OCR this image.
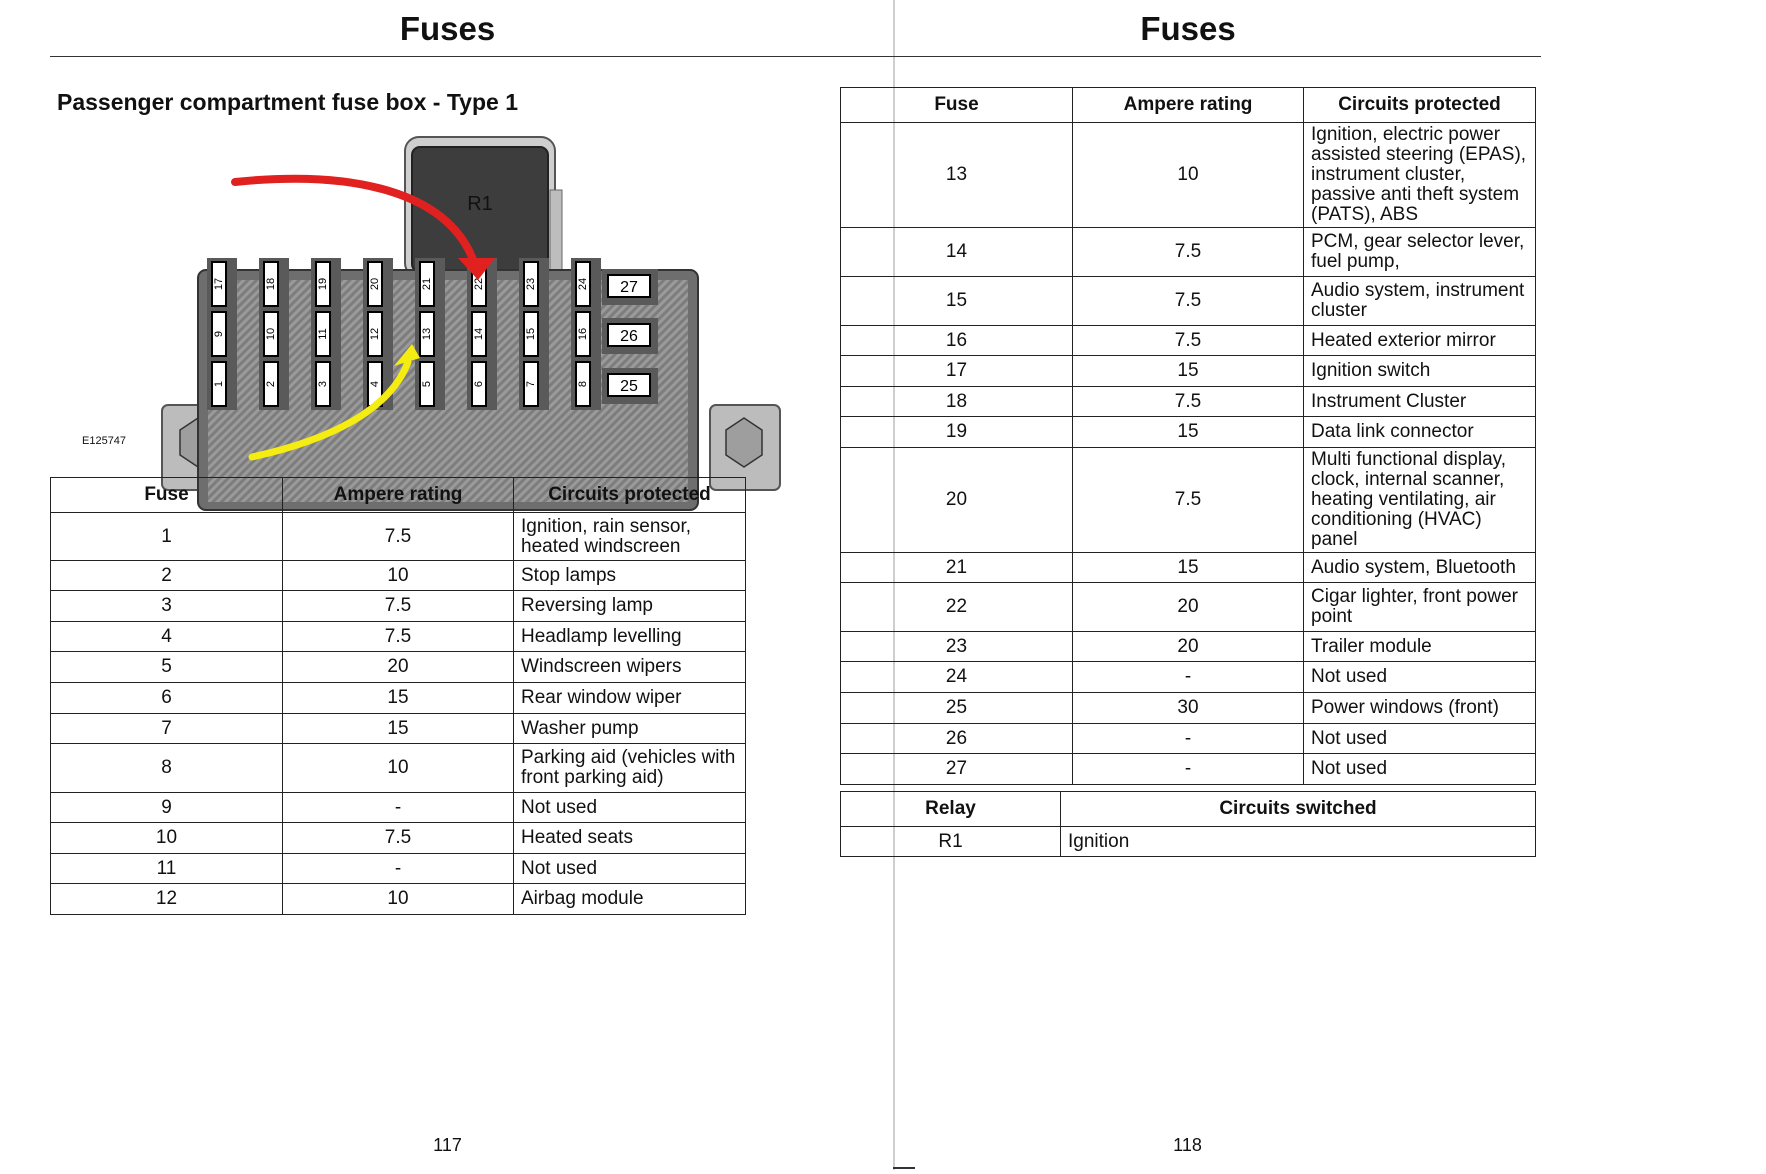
Fuses
Passenger compartment fuse box - Type 1
R1
17	18	19	20	21	22	23	24
9	10	11	12	13	14	15	16
1	2	3	4	5	6	7	8
27
26
25
E125747
Fuse	Ampere rating	Circuits protected
1	7.5	Ignition, rain sensor, heated windscreen
2	10	Stop lamps
3	7.5	Reversing lamp
4	7.5	Headlamp levelling
5	20	Windscreen wipers
6	15	Rear window wiper
7	15	Washer pump
8	10	Parking aid (vehicles with front parking aid)
9	-	Not used
10	7.5	Heated seats
11	-	Not used
12	10	Airbag module
117
Fuses
Fuse	Ampere rating	Circuits protected
13	10	Ignition, electric power assisted steering (EPAS), instrument cluster, passive anti theft system (PATS), ABS
14	7.5	PCM, gear selector lever, fuel pump,
15	7.5	Audio system, instrument cluster
16	7.5	Heated exterior mirror
17	15	Ignition switch
18	7.5	Instrument Cluster
19	15	Data link connector
20	7.5	Multi functional display, clock, internal scanner, heating ventilating, air conditioning (HVAC) panel
21	15	Audio system, Bluetooth
22	20	Cigar lighter, front power point
23	20	Trailer module
24	-	Not used
25	30	Power windows (front)
26	-	Not used
27	-	Not used
Relay	Circuits switched
R1	Ignition
118
